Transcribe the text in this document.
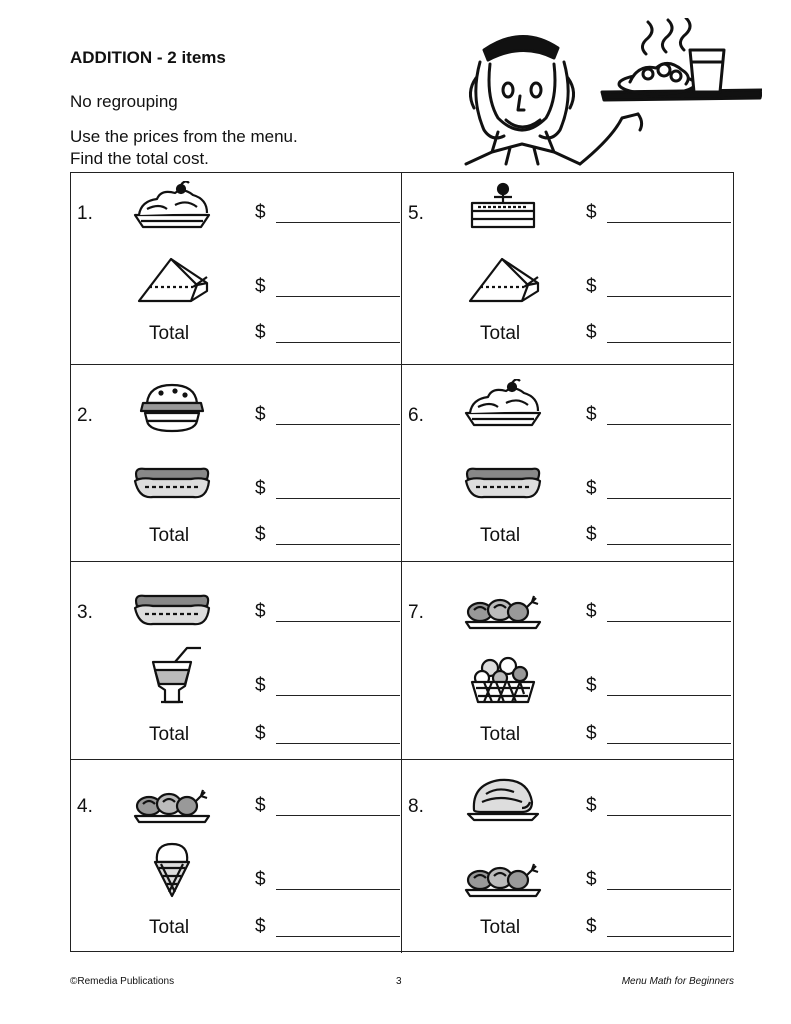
ADDITION - 2 items
No regrouping
Use the prices from the menu.
Find the total cost.
1.	$
$
Total	$
5.	$
$
Total	$
2.	$
$
Total	$
6.	$
$
Total	$
3.	$
$
Total	$
7.	$
$
Total	$
4.	$
$
Total	$
8.	$
$
Total	$
©Remedia Publications	3	Menu Math for Beginners
